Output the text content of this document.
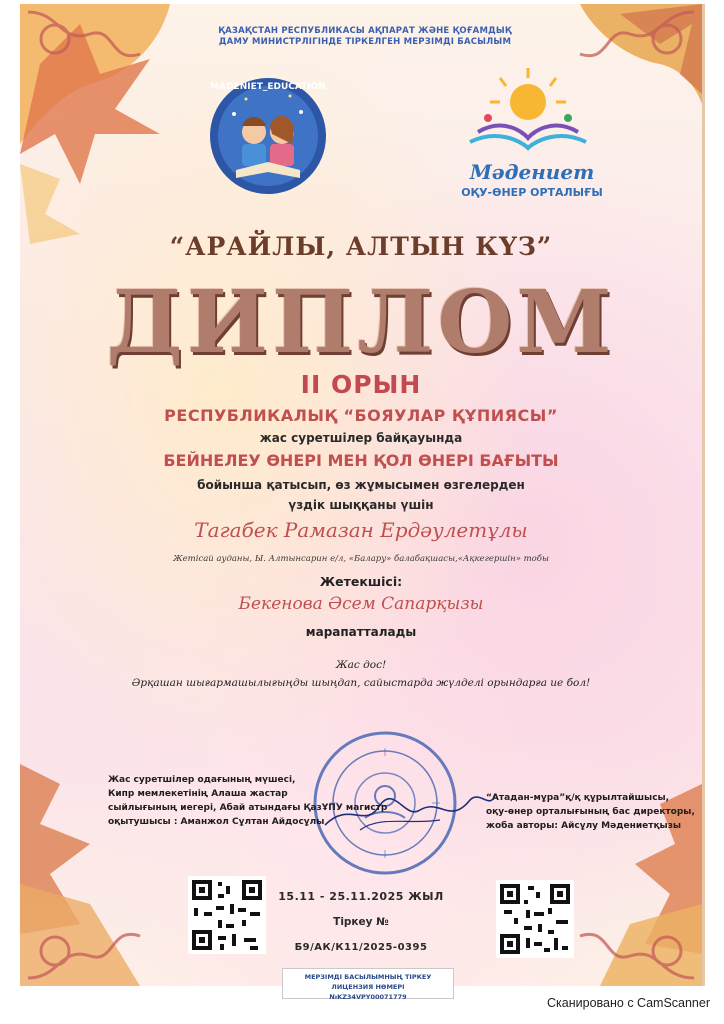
ҚАЗАҚСТАН РЕСПУБЛИКАСЫ АҚПАРАТ ЖӘНЕ ҚОҒАМДЫҚ
ДАМУ МИНИСТРЛІГІНДЕ ТІРКЕЛГЕН МЕРЗІМДІ БАСЫЛЫМ
MADENIET_EDUCATION
Мәдениет
ОҚУ-ӨНЕР ОРТАЛЫҒЫ
“АРАЙЛЫ, АЛТЫН КҮЗ”
ДИПЛОМ
II ОРЫН
РЕСПУБЛИКАЛЫҚ “БОЯУЛАР ҚҰПИЯСЫ”
жас суретшілер байқауында
БЕЙНЕЛЕУ ӨНЕРІ МЕН ҚОЛ ӨНЕРІ БАҒЫТЫ
бойынша қатысып, өз жұмысымен өзгелерден
үздік шыққаны үшін
Тагабек Рамазан Ердәулетұлы
Жетісай ауданы, Ы. Алтынсарин е/л, «Балару» балабақшасы,«Ақкегершін» тобы
Жетекшісі:
Бекенова Әсем Сапарқызы
марапатталады
Жас дос!
Әрқашан шығармашылығыңды шыңдап, сайыстарда жүлделі орындарға ие бол!
Жас суретшілер одағының мүшесі,
Кипр мемлекетінің Алаша жастар
сыйлығының иегері, Абай атындағы ҚазҰПУ магистр
оқытушысы : Аманжол Сұлтан Айдосұлы
“Атадан-мұра”қ/қ құрылтайшысы,
оқу-өнер орталығының бас директоры,
жоба авторы: Айсұлу Мәдениетқызы
15.11 - 25.11.2025 ЖЫЛ
Тіркеу №
Б9/АК/К11/2025-0395
МЕРЗІМДІ БАСЫЛЫМНЫҢ ТІРКЕУ ЛИЦЕНЗИЯ НӨМЕРІ
№KZ34VPY00071779	Сканировано с CamScanner
